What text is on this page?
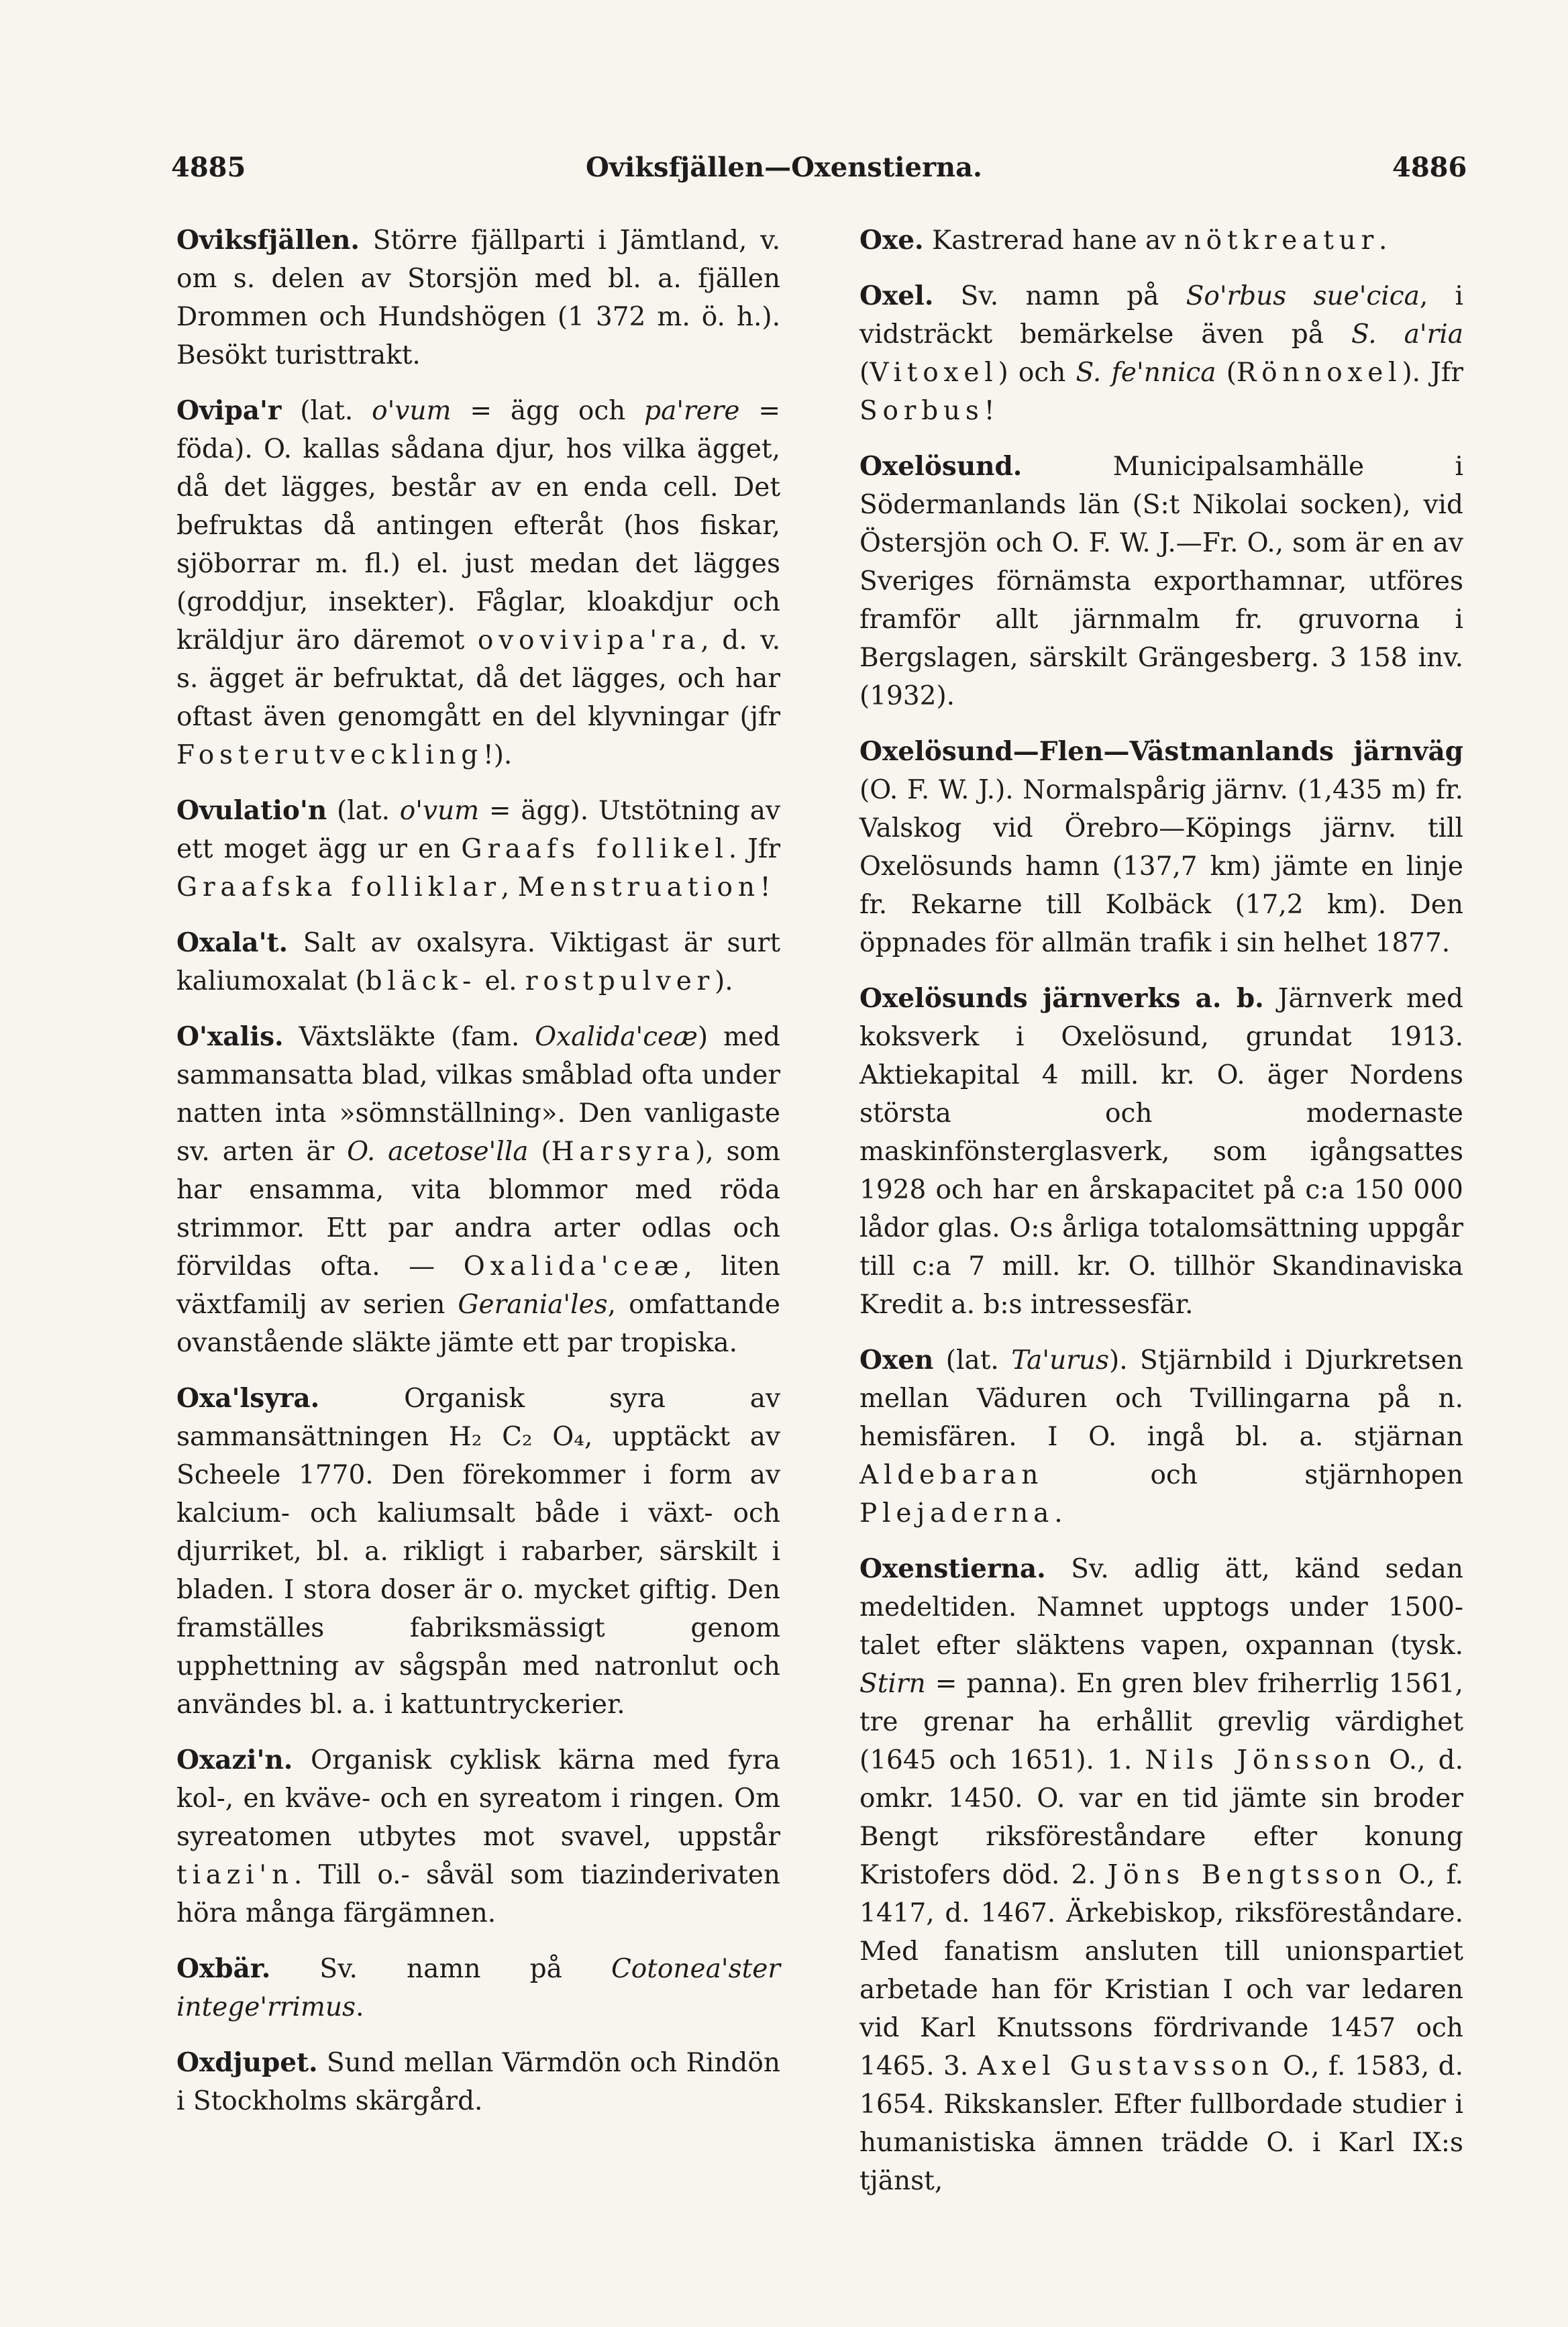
4885	Oviksfjällen—Oxenstierna.	4886

Oviksfjällen. Större fjällparti i Jämtland, v. om s. delen av Storsjön med bl. a. fjällen Drommen och Hundshögen (1 372 m. ö. h.). Besökt turisttrakt.

Ovipa'r (lat. o'vum = ägg och pa'rere = föda). O. kallas sådana djur, hos vilka ägget, då det lägges, består av en enda cell. Det befruktas då antingen efteråt (hos fiskar, sjöborrar m. fl.) el. just medan det lägges (groddjur, insekter). Fåglar, kloakdjur och kräldjur äro däremot ovovivipa'ra, d. v. s. ägget är befruktat, då det lägges, och har oftast även genomgått en del klyvningar (jfr Fosterutveckling!).

Ovulatio'n (lat. o'vum = ägg). Utstötning av ett moget ägg ur en Graafs follikel. Jfr Graafska folliklar, Menstruation!

Oxala't. Salt av oxalsyra. Viktigast är surt kaliumoxalat (bläck- el. rostpulver).

O'xalis. Växtsläkte (fam. Oxalida'ceæ) med sammansatta blad, vilkas småblad ofta under natten inta »sömnställning». Den vanligaste sv. arten är O. acetose'lla (Harsyra), som har ensamma, vita blommor med röda strimmor. Ett par andra arter odlas och förvildas ofta. — Oxalida'ceæ, liten växtfamilj av serien Gerania'les, omfattande ovanstående släkte jämte ett par tropiska.

Oxa'lsyra. Organisk syra av sammansättningen H₂ C₂ O₄, upptäckt av Scheele 1770. Den förekommer i form av kalcium- och kaliumsalt både i växt- och djurriket, bl. a. rikligt i rabarber, särskilt i bladen. I stora doser är o. mycket giftig. Den framställes fabriksmässigt genom upphettning av sågspån med natronlut och användes bl. a. i kattuntryckerier.

Oxazi'n. Organisk cyklisk kärna med fyra kol-, en kväve- och en syreatom i ringen. Om syreatomen utbytes mot svavel, uppstår tiazi'n. Till o.- såväl som tiazinderivaten höra många färgämnen.

Oxbär. Sv. namn på Cotonea'ster intege'rrimus.

Oxdjupet. Sund mellan Värmdön och Rindön i Stockholms skärgård.

Oxe. Kastrerad hane av nötkreatur.

Oxel. Sv. namn på So'rbus sue'cica, i vidsträckt bemärkelse även på S. a'ria (Vitoxel) och S. fe'nnica (Rönnoxel). Jfr Sorbus!

Oxelösund. Municipalsamhälle i Södermanlands län (S:t Nikolai socken), vid Östersjön och O. F. W. J.—Fr. O., som är en av Sveriges förnämsta exporthamnar, utföres framför allt järnmalm fr. gruvorna i Bergslagen, särskilt Grängesberg. 3 158 inv. (1932).

Oxelösund—Flen—Västmanlands järnväg (O. F. W. J.). Normalspårig järnv. (1,435 m) fr. Valskog vid Örebro—Köpings järnv. till Oxelösunds hamn (137,7 km) jämte en linje fr. Rekarne till Kolbäck (17,2 km). Den öppnades för allmän trafik i sin helhet 1877.

Oxelösunds järnverks a. b. Järnverk med koksverk i Oxelösund, grundat 1913. Aktiekapital 4 mill. kr. O. äger Nordens största och modernaste maskinfönsterglasverk, som igångsattes 1928 och har en årskapacitet på c:a 150 000 lådor glas. O:s årliga totalomsättning uppgår till c:a 7 mill. kr. O. tillhör Skandinaviska Kredit a. b:s intressesfär.

Oxen (lat. Ta'urus). Stjärnbild i Djurkretsen mellan Väduren och Tvillingarna på n. hemisfären. I O. ingå bl. a. stjärnan Aldebaran och stjärnhopen Plejaderna.

Oxenstierna. Sv. adlig ätt, känd sedan medeltiden. Namnet upptogs under 1500-talet efter släktens vapen, oxpannan (tysk. Stirn = panna). En gren blev friherrlig 1561, tre grenar ha erhållit grevlig värdighet (1645 och 1651). 1. Nils Jönsson O., d. omkr. 1450. O. var en tid jämte sin broder Bengt riksföreståndare efter konung Kristofers död. 2. Jöns Bengtsson O., f. 1417, d. 1467. Ärkebiskop, riksföreståndare. Med fanatism ansluten till unionspartiet arbetade han för Kristian I och var ledaren vid Karl Knutssons fördrivande 1457 och 1465. 3. Axel Gustavsson O., f. 1583, d. 1654. Rikskansler. Efter fullbordade studier i humanistiska ämnen trädde O. i Karl IX:s tjänst,
